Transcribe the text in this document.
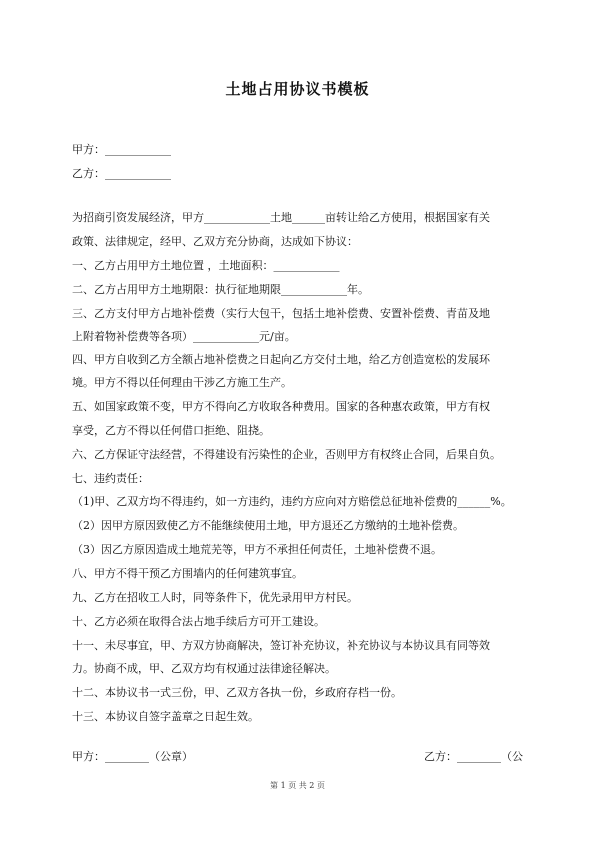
土地占用协议书模板
甲方：____________
乙方：____________
为招商引资发展经济，甲方____________土地______亩转让给乙方使用，根据国家有关
政策、法律规定，经甲、乙双方充分协商，达成如下协议：
一、乙方占用甲方土地位置 ，土地面积：____________
二、乙方占用甲方土地期限：执行征地期限____________年。
三、乙方支付甲方占地补偿费（实行大包干，包括土地补偿费、安置补偿费、青苗及地
上附着物补偿费等各项）____________元/亩。
四、甲方自收到乙方全额占地补偿费之日起向乙方交付土地，给乙方创造宽松的发展环
境。甲方不得以任何理由干涉乙方施工生产。
五、如国家政策不变，甲方不得向乙方收取各种费用。国家的各种惠农政策，甲方有权
享受，乙方不得以任何借口拒绝、阻挠。
六、乙方保证守法经营，不得建设有污染性的企业，否则甲方有权终止合同，后果自负。
七、违约责任：
（1)甲、乙双方均不得违约，如一方违约，违约方应向对方赔偿总征地补偿费的______%。
（2）因甲方原因致使乙方不能继续使用土地，甲方退还乙方缴纳的土地补偿费。
（3）因乙方原因造成土地荒芜等，甲方不承担任何责任，土地补偿费不退。
八、甲方不得干预乙方围墙内的任何建筑事宜。
九、乙方在招收工人时，同等条件下，优先录用甲方村民。
十、乙方必须在取得合法占地手续后方可开工建设。
十一、未尽事宜，甲、方双方协商解决，签订补充协议，补充协议与本协议具有同等效
力。协商不成，甲、乙双方均有权通过法律途径解决。
十二、本协议书一式三份，甲、乙双方各执一份，乡政府存档一份。
十三、本协议自签字盖章之日起生效。
甲方：________（公章）	乙方：________（公
第 1 页 共 2 页
